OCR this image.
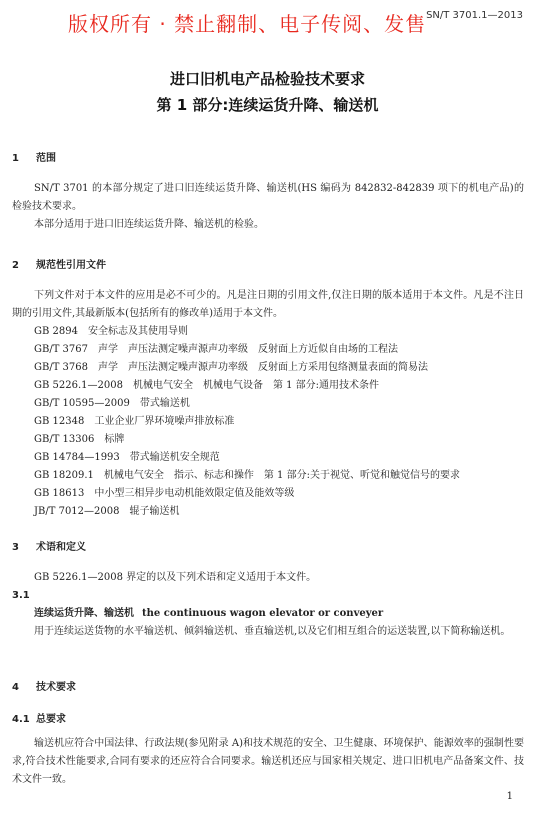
版权所有 · 禁止翻制、电子传阅、发售 SN/T 3701.1—2013
进口旧机电产品检验技术要求
第 1 部分:连续运货升降、输送机
1 范围
SN/T 3701 的本部分规定了进口旧连续运货升降、输送机(HS 编码为 842832-842839 项下的机电产品)的检验技术要求。
本部分适用于进口旧连续运货升降、输送机的检验。
2 规范性引用文件
下列文件对于本文件的应用是必不可少的。凡是注日期的引用文件,仅注日期的版本适用于本文件。凡是不注日期的引用文件,其最新版本(包括所有的修改单)适用于本文件。
GB 2894　安全标志及其使用导则
GB/T 3767　声学　声压法测定噪声源声功率级　反射面上方近似自由场的工程法
GB/T 3768　声学　声压法测定噪声源声功率级　反射面上方采用包络测量表面的简易法
GB 5226.1—2008　机械电气安全　机械电气设备　第 1 部分:通用技术条件
GB/T 10595—2009　带式输送机
GB 12348　工业企业厂界环境噪声排放标准
GB/T 13306　标牌
GB 14784—1993　带式输送机安全规范
GB 18209.1　机械电气安全　指示、标志和操作　第 1 部分:关于视觉、听觉和触觉信号的要求
GB 18613　中小型三相异步电动机能效限定值及能效等级
JB/T 7012—2008　辊子输送机
3 术语和定义
GB 5226.1—2008 界定的以及下列术语和定义适用于本文件。
3.1
连续运货升降、输送机 the continuous wagon elevator or conveyer
用于连续运送货物的水平输送机、倾斜输送机、垂直输送机,以及它们相互组合的运送装置,以下简称输送机。
4 技术要求
4.1 总要求
输送机应符合中国法律、行政法规(参见附录 A)和技术规范的安全、卫生健康、环境保护、能源效率的强制性要求,符合技术性能要求,合同有要求的还应符合合同要求。输送机还应与国家相关规定、进口旧机电产品备案文件、技术文件一致。
1
